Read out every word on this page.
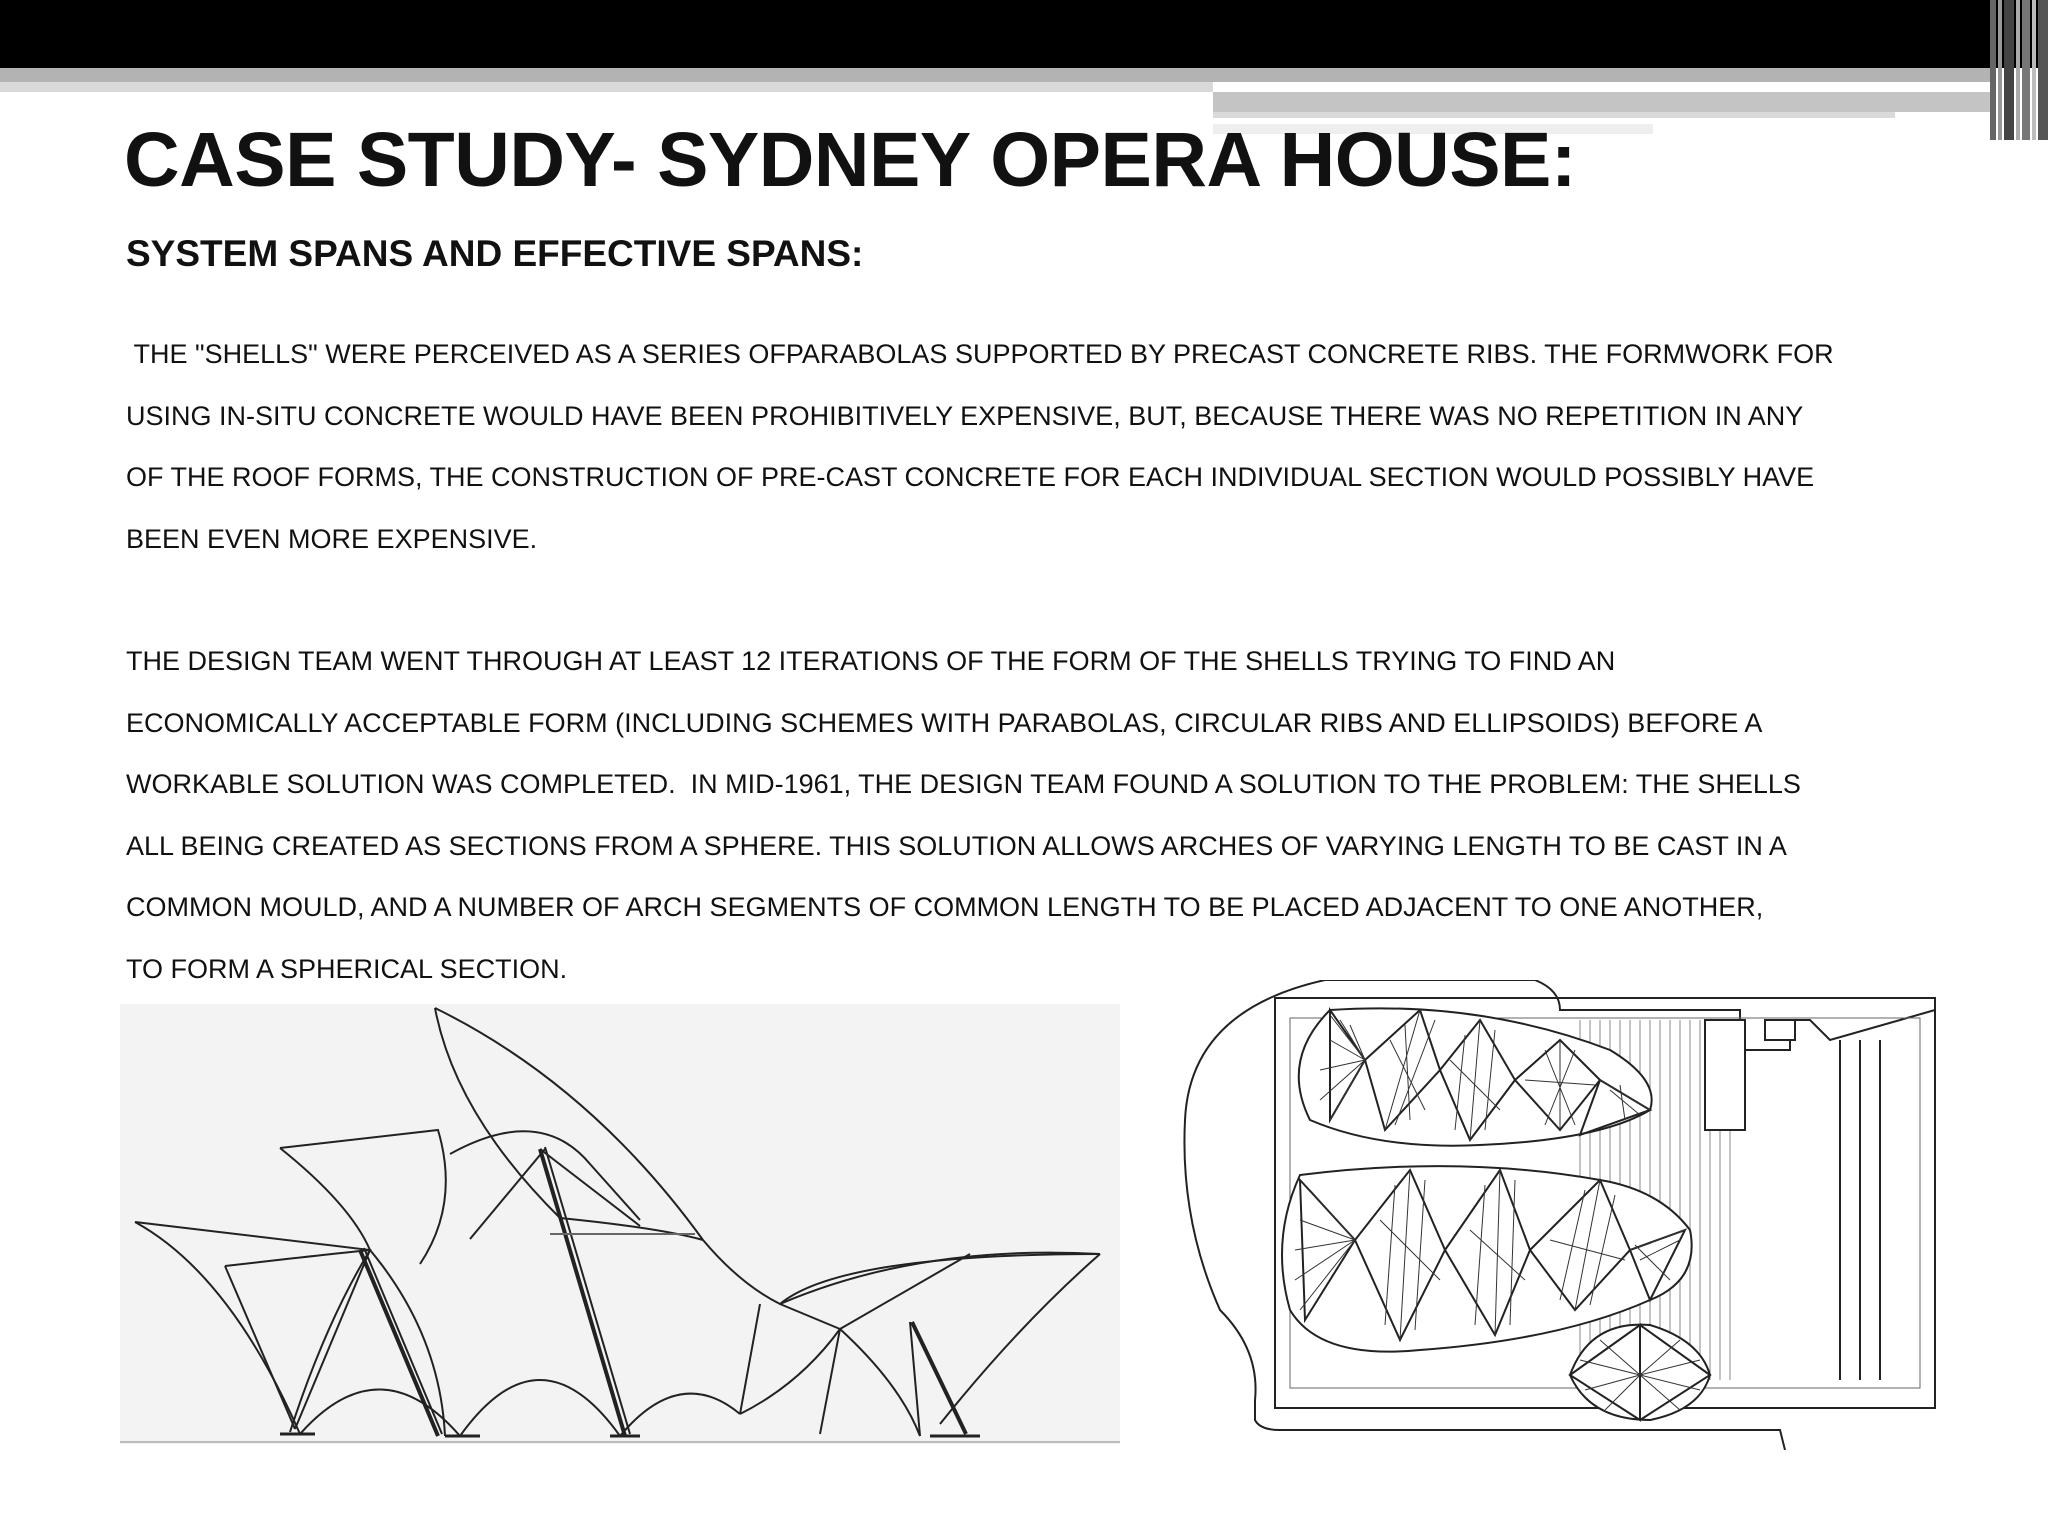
CASE STUDY- SYDNEY OPERA HOUSE:
SYSTEM SPANS AND EFFECTIVE SPANS:

THE "SHELLS" WERE PERCEIVED AS A SERIES OFPARABOLAS SUPPORTED BY PRECAST CONCRETE RIBS. THE FORMWORK FOR
USING IN-SITU CONCRETE WOULD HAVE BEEN PROHIBITIVELY EXPENSIVE, BUT, BECAUSE THERE WAS NO REPETITION IN ANY
OF THE ROOF FORMS, THE CONSTRUCTION OF PRE-CAST CONCRETE FOR EACH INDIVIDUAL SECTION WOULD POSSIBLY HAVE
BEEN EVEN MORE EXPENSIVE.

THE DESIGN TEAM WENT THROUGH AT LEAST 12 ITERATIONS OF THE FORM OF THE SHELLS TRYING TO FIND AN
ECONOMICALLY ACCEPTABLE FORM (INCLUDING SCHEMES WITH PARABOLAS, CIRCULAR RIBS AND ELLIPSOIDS) BEFORE A
WORKABLE SOLUTION WAS COMPLETED.  IN MID-1961, THE DESIGN TEAM FOUND A SOLUTION TO THE PROBLEM: THE SHELLS
ALL BEING CREATED AS SECTIONS FROM A SPHERE. THIS SOLUTION ALLOWS ARCHES OF VARYING LENGTH TO BE CAST IN A
COMMON MOULD, AND A NUMBER OF ARCH SEGMENTS OF COMMON LENGTH TO BE PLACED ADJACENT TO ONE ANOTHER,
TO FORM A SPHERICAL SECTION.
